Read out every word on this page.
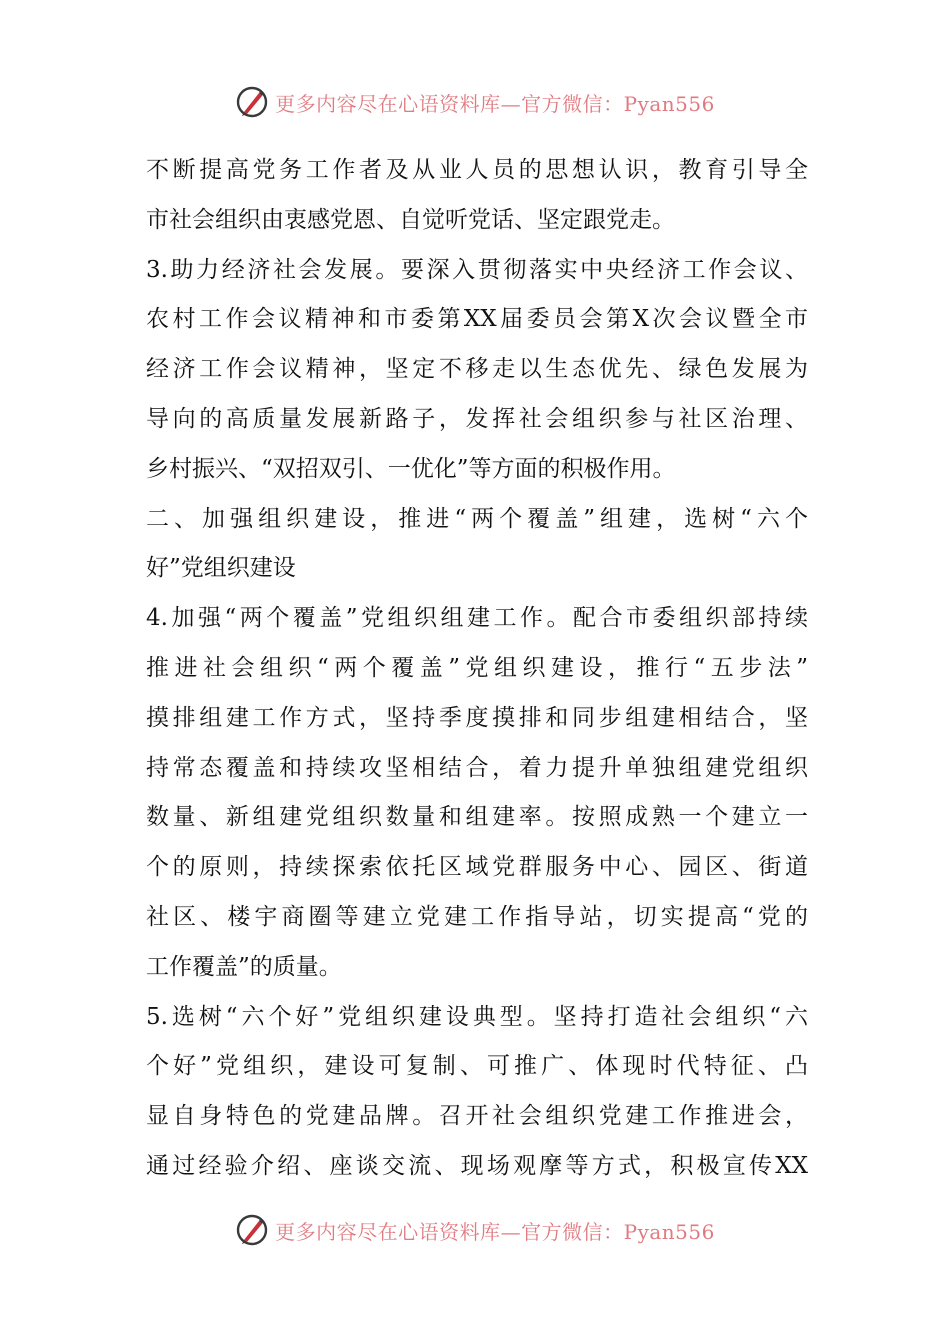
更多内容尽在心语资料库—官方微信：Pyan556
不断提高党务工作者及从业人员的思想认识，教育引导全
市社会组织由衷感党恩、自觉听党话、坚定跟党走。
3.助力经济社会发展。要深入贯彻落实中央经济工作会议、
农村工作会议精神和市委第XX届委员会第X次会议暨全市
经济工作会议精神，坚定不移走以生态优先、绿色发展为
导向的高质量发展新路子，发挥社会组织参与社区治理、
乡村振兴、“双招双引、一优化”等方面的积极作用。
二、加强组织建设，推进“两个覆盖”组建，选树“六个
好”党组织建设
4.加强“两个覆盖”党组织组建工作。配合市委组织部持续
推进社会组织“两个覆盖”党组织建设，推行“五步法”
摸排组建工作方式，坚持季度摸排和同步组建相结合，坚
持常态覆盖和持续攻坚相结合，着力提升单独组建党组织
数量、新组建党组织数量和组建率。按照成熟一个建立一
个的原则，持续探索依托区域党群服务中心、园区、街道
社区、楼宇商圈等建立党建工作指导站，切实提高“党的
工作覆盖”的质量。
5.选树“六个好”党组织建设典型。坚持打造社会组织“六
个好”党组织，建设可复制、可推广、体现时代特征、凸
显自身特色的党建品牌。召开社会组织党建工作推进会，
通过经验介绍、座谈交流、现场观摩等方式，积极宣传XX
更多内容尽在心语资料库—官方微信：Pyan556
